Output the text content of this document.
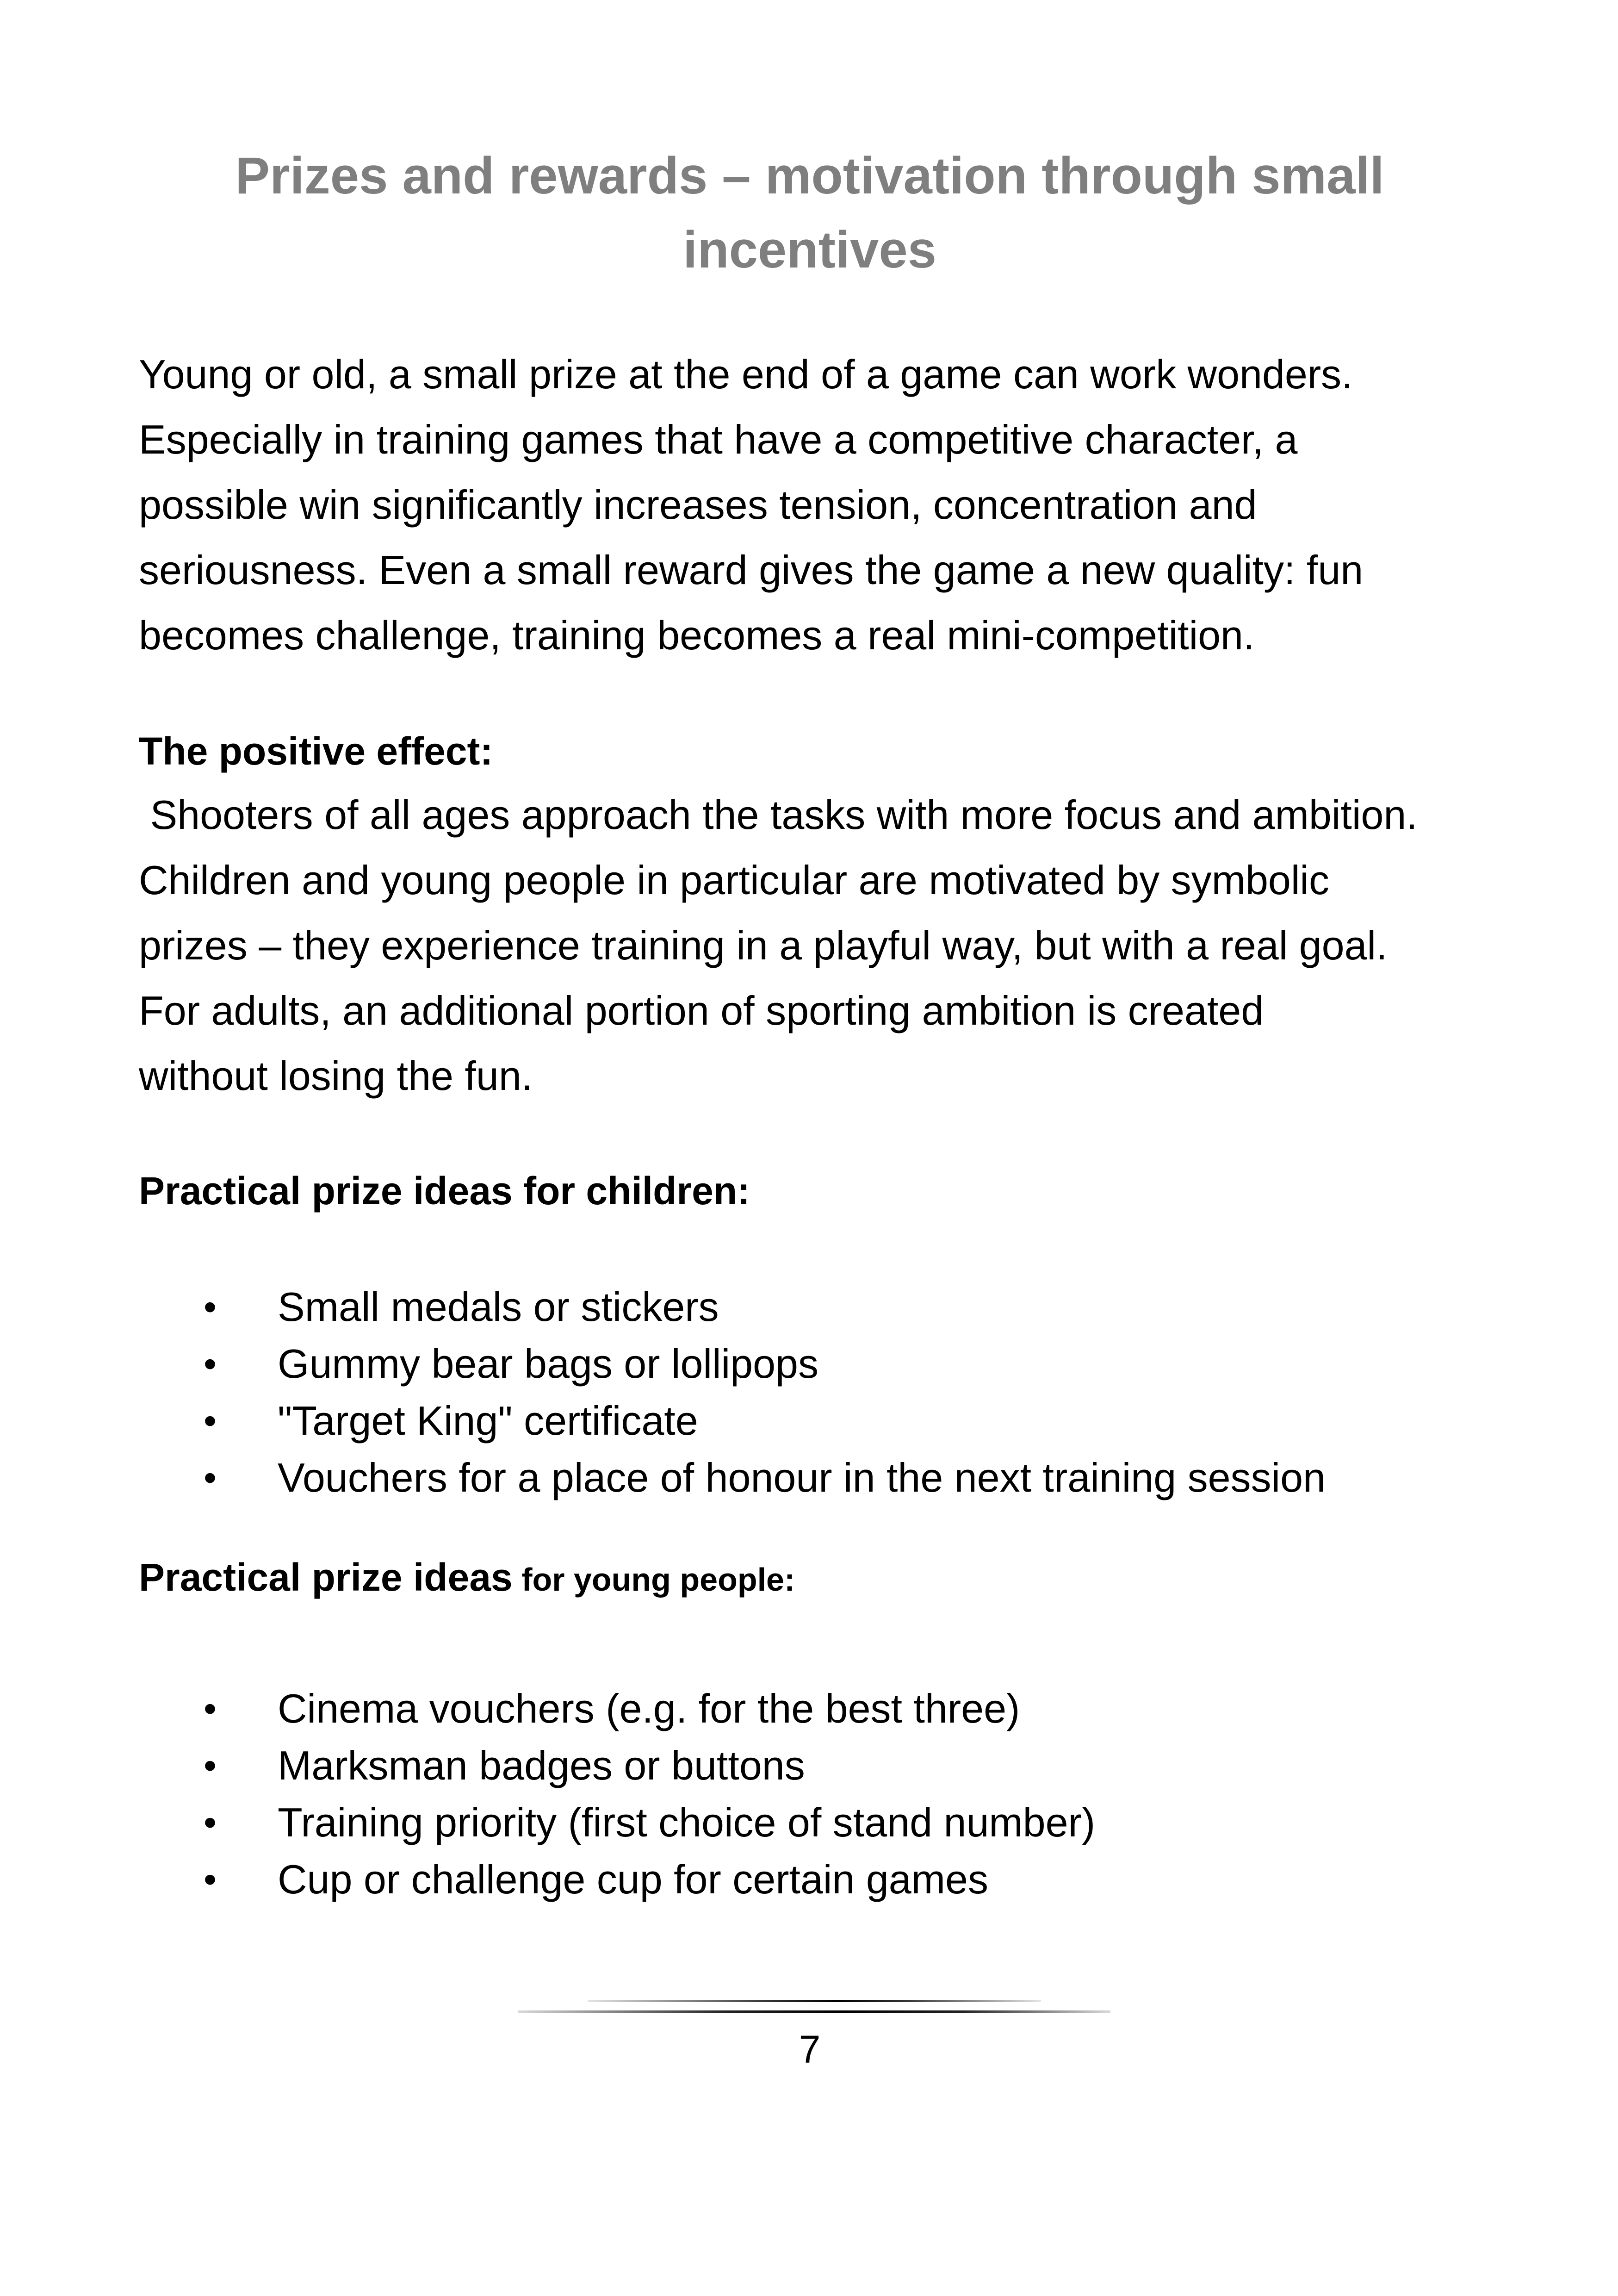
Prizes and rewards – motivation through small
incentives
Young or old, a small prize at the end of a game can work wonders.
Especially in training games that have a competitive character, a
possible win significantly increases tension, concentration and
seriousness. Even a small reward gives the game a new quality: fun
becomes challenge, training becomes a real mini-competition.
The positive effect:
Shooters of all ages approach the tasks with more focus and ambition.
Children and young people in particular are motivated by symbolic
prizes – they experience training in a playful way, but with a real goal.
For adults, an additional portion of sporting ambition is created
without losing the fun.
Practical prize ideas for children:
• Small medals or stickers
• Gummy bear bags or lollipops
• "Target King" certificate
• Vouchers for a place of honour in the next training session
Practical prize ideas for young people:
• Cinema vouchers (e.g. for the best three)
• Marksman badges or buttons
• Training priority (first choice of stand number)
• Cup or challenge cup for certain games
7
